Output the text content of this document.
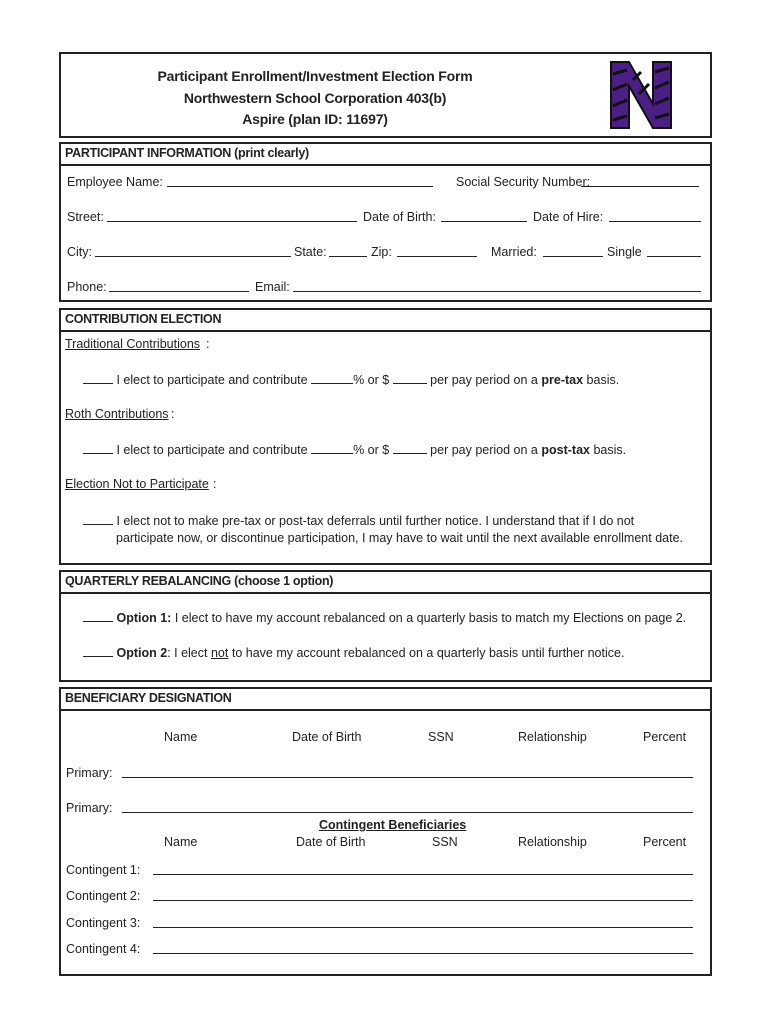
Participant Enrollment/Investment Election Form
Northwestern School Corporation 403(b)
Aspire (plan ID: 11697)
N
PARTICIPANT INFORMATION (print clearly)
Employee Name:	Social Security Number:
Street:	Date of Birth:	Date of Hire:
City:	State:	Zip:	Married:	Single
Phone:	Email:
CONTRIBUTION ELECTION
Traditional Contributions :
I elect to participate and contribute	% or $	per pay period on a pre-tax basis.
Roth Contributions :
I elect to participate and contribute	% or $	per pay period on a post-tax basis.
Election Not to Participate :
I elect not to make pre-tax or post-tax deferrals until further notice. I understand that if I do not
participate now, or discontinue participation, I may have to wait until the next available enrollment date.
QUARTERLY REBALANCING (choose 1 option)
Option 1: I elect to have my account rebalanced on a quarterly basis to match my Elections on page 2.
Option 2: I elect not to have my account rebalanced on a quarterly basis until further notice.
BENEFICIARY DESIGNATION
Name	Date of Birth	SSN	Relationship	Percent
Primary:
Primary:
Contingent Beneficiaries
Name	Date of Birth	SSN	Relationship	Percent
Contingent 1:
Contingent 2:
Contingent 3:
Contingent 4:
